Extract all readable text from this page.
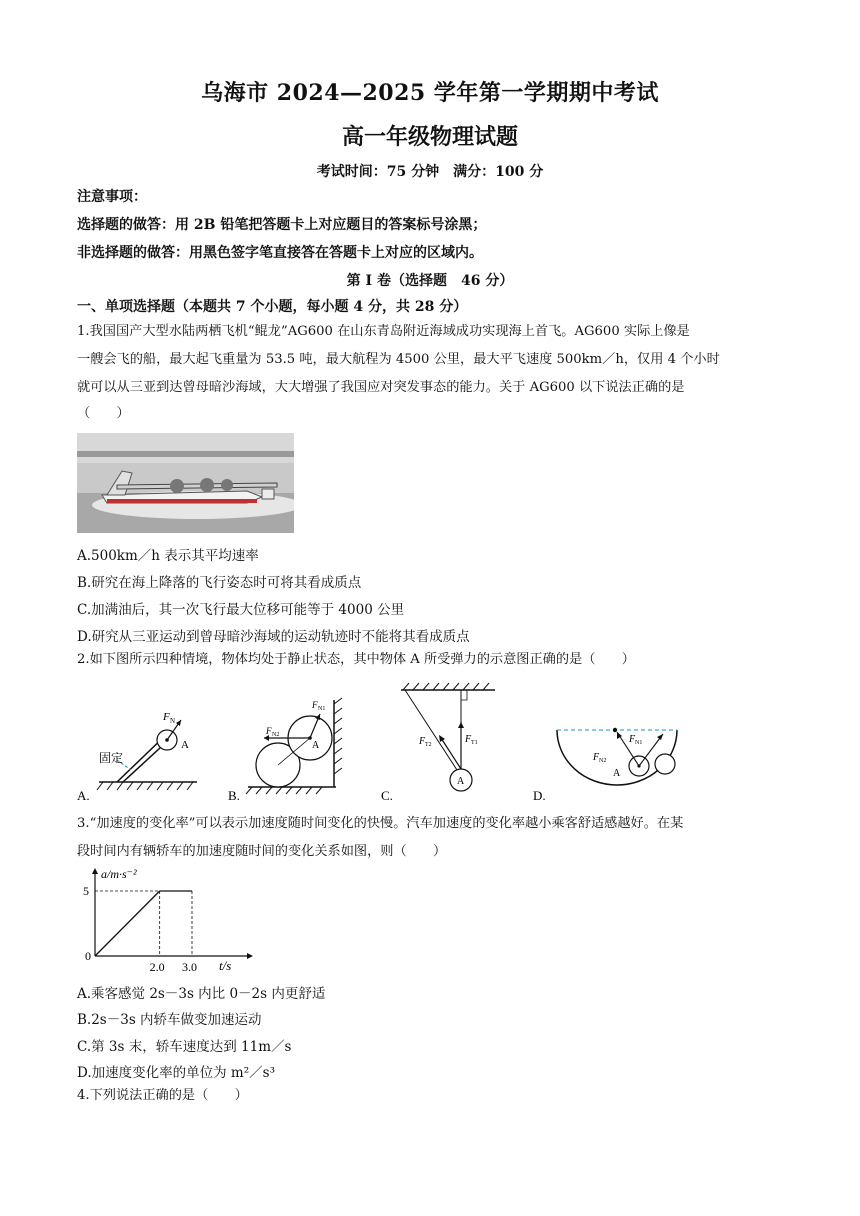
乌海市 2024—2025 学年第一学期期中考试
高一年级物理试题
考试时间：75 分钟　满分：100 分
注意事项：
选择题的做答：用 2B 铅笔把答题卡上对应题目的答案标号涂黑；
非选择题的做答：用黑色签字笔直接答在答题卡上对应的区域内。
第 I 卷（选择题　46 分）
一、单项选择题（本题共 7 个小题，每小题 4 分，共 28 分）
1.我国国产大型水陆两栖飞机“鲲龙”AG600 在山东青岛附近海域成功实现海上首飞。AG600 实际上像是
一艘会飞的船，最大起飞重量为 53.5 吨，最大航程为 4500 公里，最大平飞速度 500km／h，仅用 4 个小时
就可以从三亚到达曾母暗沙海域，大大增强了我国应对突发事态的能力。关于 AG600 以下说法正确的是
（　　）
A.500km／h 表示其平均速率
B.研究在海上降落的飞行姿态时可将其看成质点
C.加满油后，其一次飞行最大位移可能等于 4000 公里
D.研究从三亚运动到曾母暗沙海域的运动轨迹时不能将其看成质点
2.如下图所示四种情境，物体均处于静止状态，其中物体 A 所受弹力的示意图正确的是（　　）
F N
A
固定
A.
F N2
F N1
A
B.
F T1
F T2
A
C.
F N1
F N2
A
D.
3.“加速度的变化率”可以表示加速度随时间变化的快慢。汽车加速度的变化率越小乘客舒适感越好。在某
段时间内有辆轿车的加速度随时间的变化关系如图，则（　　）
0
2.0 3.0
5
a/m·s⁻²
t/s
A.乘客感觉 2s－3s 内比 0－2s 内更舒适
B.2s－3s 内轿车做变加速运动
C.第 3s 末，轿车速度达到 11m／s
D.加速度变化率的单位为 m²／s³
4.下列说法正确的是（　　）
